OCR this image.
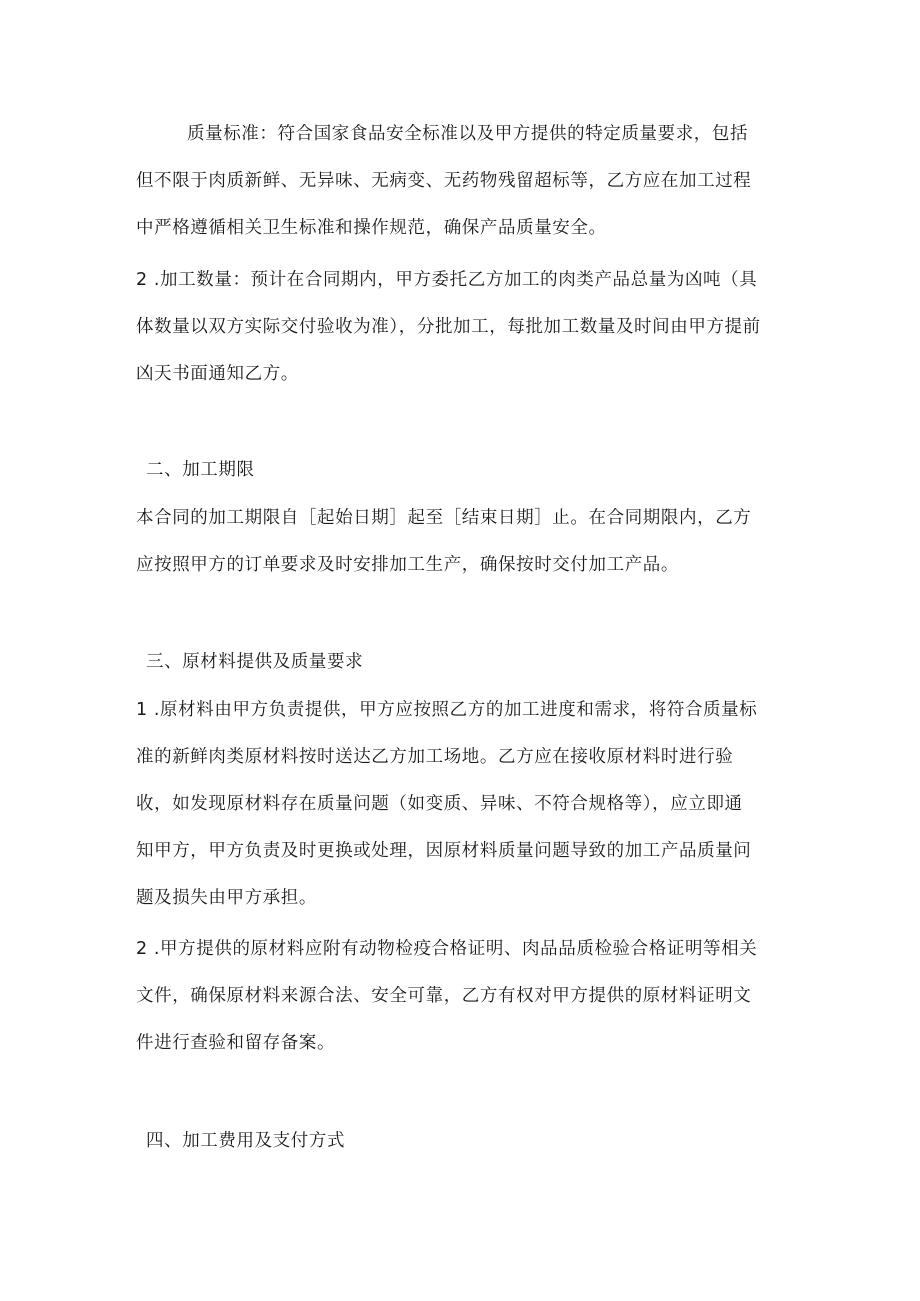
质量标准：符合国家食品安全标准以及甲方提供的特定质量要求，包括
但不限于肉质新鲜、无异味、无病变、无药物残留超标等，乙方应在加工过程
中严格遵循相关卫生标准和操作规范，确保产品质量安全。
2 .加工数量：预计在合同期内，甲方委托乙方加工的肉类产品总量为凶吨（具
体数量以双方实际交付验收为准），分批加工，每批加工数量及时间由甲方提前
凶天书面通知乙方。
二、加工期限
本合同的加工期限自［起始日期］起至［结束日期］止。在合同期限内，乙方
应按照甲方的订单要求及时安排加工生产，确保按时交付加工产品。
三、原材料提供及质量要求
1 .原材料由甲方负责提供，甲方应按照乙方的加工进度和需求，将符合质量标
准的新鲜肉类原材料按时送达乙方加工场地。乙方应在接收原材料时进行验
收，如发现原材料存在质量问题（如变质、异味、不符合规格等），应立即通
知甲方，甲方负责及时更换或处理，因原材料质量问题导致的加工产品质量问
题及损失由甲方承担。
2 .甲方提供的原材料应附有动物检疫合格证明、肉品品质检验合格证明等相关
文件，确保原材料来源合法、安全可靠，乙方有权对甲方提供的原材料证明文
件进行查验和留存备案。
四、加工费用及支付方式
